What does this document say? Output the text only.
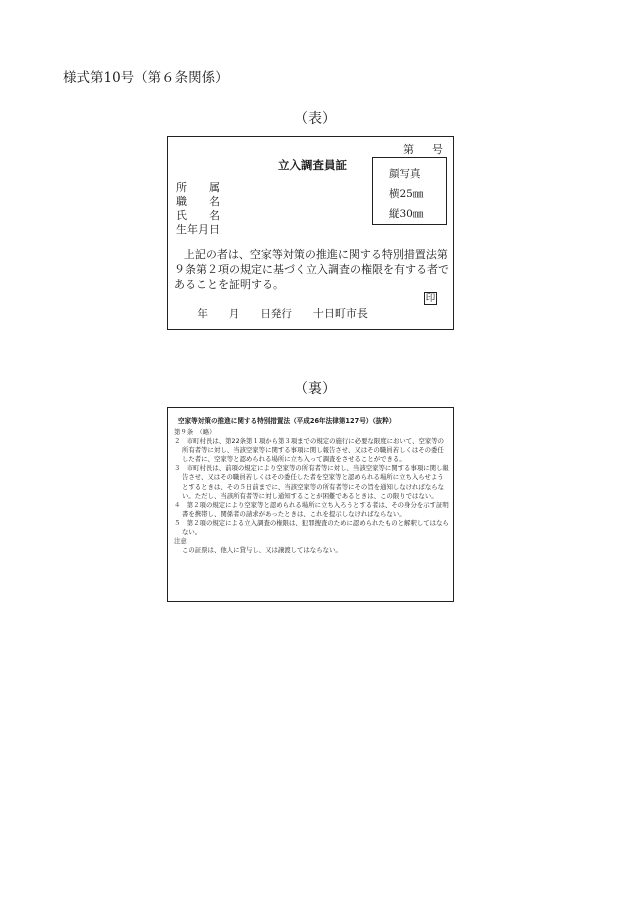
様式第10号（第６条関係）
（表）
第 号
立入調査員証
顔写真
横25㎜
縦30㎜
所　　属
職　　名
氏　　名
生年月日
上記の者は、空家等対策の推進に関する特別措置法第９条第２項の規定に基づく立入調査の権限を有する者であることを証明する。

年　　月　　日発行　　 十日町市長

印
（裏）
空家等対策の推進に関する特別措置法（平成26年法律第127号）（抜粋）
第９条　（略）
２　市町村長は、第22条第１項から第３項までの規定の施行に必要な限度において、空家等の所有者等に対し、当該空家等に関する事項に関し報告させ、又はその職員若しくはその委任した者に、空家等と認められる場所に立ち入って調査をさせることができる。
３　市町村長は、前項の規定により空家等の所有者等に対し、当該空家等に関する事項に関し報告させ、又はその職員若しくはその委任した者を空家等と認められる場所に立ち入らせようとするときは、その５日前までに、当該空家等の所有者等にその旨を通知しなければならない。ただし、当該所有者等に対し通知することが困難であるときは、この限りではない。
４　第２項の規定により空家等と認められる場所に立ち入ろうとする者は、その身分を示す証明書を携帯し、関係者の請求があったときは、これを提示しなければならない。
５　第２項の規定による立入調査の権限は、犯罪捜査のために認められたものと解釈してはならない。
注意
この証票は、他人に貸与し、又は譲渡してはならない。
